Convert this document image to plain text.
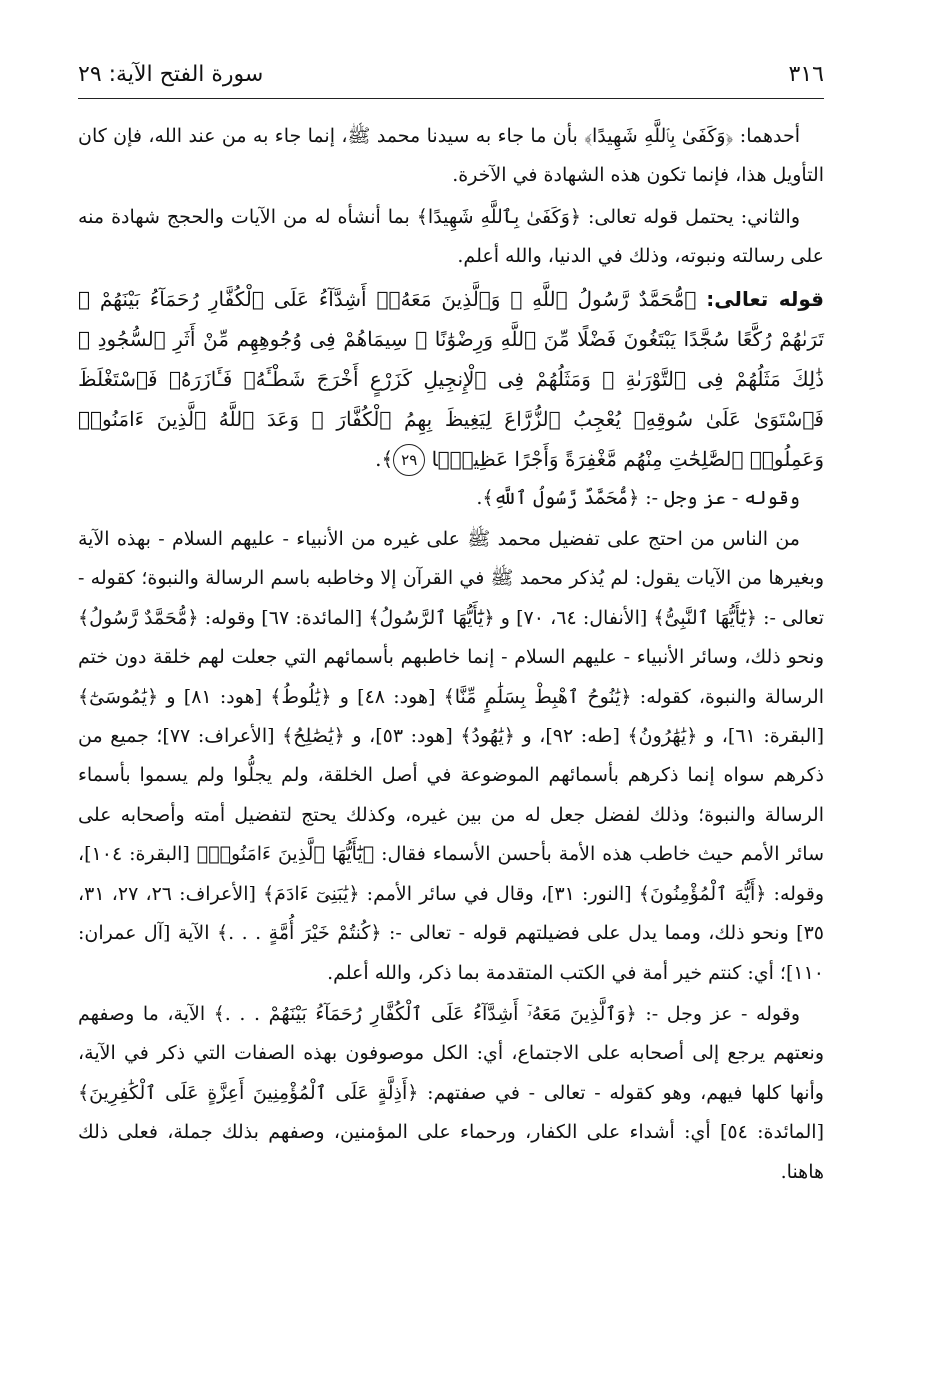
٣١٦
سورة الفتح الآية: ٢٩

أحدهما: ﴿وَكَفَىٰ بِٱللَّهِ شَهِيدًا﴾ بأن ما جاء به سيدنا محمد ﷺ، إنما جاء به من عند الله، فإن كان التأويل هذا، فإنما تكون هذه الشهادة في الآخرة.

والثاني: يحتمل قوله تعالى: ﴿وَكَفَىٰ بِٱللَّهِ شَهِيدًا﴾ بما أنشأه له من الآيات والحجج شهادة منه على رسالته ونبوته، وذلك في الدنيا، والله أعلم.

قوله تعالى: ﴿مُّحَمَّدٌ رَّسُولُ ٱللَّهِ ۚ وَٱلَّذِينَ مَعَهُۥٓ أَشِدَّآءُ عَلَى ٱلْكُفَّارِ رُحَمَآءُ بَيْنَهُمْ ۖ تَرَىٰهُمْ رُكَّعًا سُجَّدًا يَبْتَغُونَ فَضْلًا مِّنَ ٱللَّهِ وَرِضْوَٰنًا ۖ سِيمَاهُمْ فِى وُجُوهِهِم مِّنْ أَثَرِ ٱلسُّجُودِ ۚ ذَٰلِكَ مَثَلُهُمْ فِى ٱلتَّوْرَىٰةِ ۚ وَمَثَلُهُمْ فِى ٱلْإِنجِيلِ كَزَرْعٍ أَخْرَجَ شَطْـَٔهُۥ فَـَٔازَرَهُۥ فَٱسْتَغْلَظَ فَٱسْتَوَىٰ عَلَىٰ سُوقِهِۦ يُعْجِبُ ٱلزُّرَّاعَ لِيَغِيظَ بِهِمُ ٱلْكُفَّارَ ۗ وَعَدَ ٱللَّهُ ٱلَّذِينَ ءَامَنُوا۟ وَعَمِلُوا۟ ٱلصَّٰلِحَٰتِ مِنْهُم مَّغْفِرَةً وَأَجْرًا عَظِيمًۢا ٢٩﴾.

وقوله - عز وجل -: ﴿مُّحَمَّدٌ رَّسُولُ ٱللَّهِ﴾.

من الناس من احتج على تفضيل محمد ﷺ على غيره من الأنبياء - عليهم السلام - بهذه الآية وبغيرها من الآيات يقول: لم يُذكر محمد ﷺ في القرآن إلا وخاطبه باسم الرسالة والنبوة؛ كقوله - تعالى -: ﴿يَٰٓأَيُّهَا ٱلنَّبِىُّ﴾ [الأنفال: ٦٤، ٧٠] و ﴿يَٰٓأَيُّهَا ٱلرَّسُولُ﴾ [المائدة: ٦٧] وقوله: ﴿مُّحَمَّدٌ رَّسُولُ﴾ ونحو ذلك، وسائر الأنبياء - عليهم السلام - إنما خاطبهم بأسمائهم التي جعلت لهم خلقة دون ختم الرسالة والنبوة، كقوله: ﴿يَٰنُوحُ ٱهْبِطْ بِسَلَٰمٍ مِّنَّا﴾ [هود: ٤٨] و ﴿يَٰلُوطُ﴾ [هود: ٨١] و ﴿يَٰمُوسَىٰٓ﴾ [البقرة: ٦١]، و ﴿يَٰهَٰرُونُ﴾ [طه: ٩٢]، و ﴿يَٰهُودُ﴾ [هود: ٥٣]، و ﴿يَٰصَٰلِحُ﴾ [الأعراف: ٧٧]؛ جميع من ذكرهم سواه إنما ذكرهم بأسمائهم الموضوعة في أصل الخلقة، ولم يجلُّوا ولم يسموا بأسماء الرسالة والنبوة؛ وذلك لفضل جعل له من بين غيره، وكذلك يحتج لتفضيل أمته وأصحابه على سائر الأمم حيث خاطب هذه الأمة بأحسن الأسماء فقال: ﴿يَٰٓأَيُّهَا ٱلَّذِينَ ءَامَنُوا۟﴾ [البقرة: ١٠٤]، وقوله: ﴿أَيُّهَ ٱلْمُؤْمِنُونَ﴾ [النور: ٣١]، وقال في سائر الأمم: ﴿يَٰبَنِىٓ ءَادَمَ﴾ [الأعراف: ٢٦، ٢٧، ٣١، ٣٥] ونحو ذلك، ومما يدل على فضيلتهم قوله - تعالى -: ﴿كُنتُمْ خَيْرَ أُمَّةٍ . . .﴾ الآية [آل عمران: ١١٠]؛ أي: كنتم خير أمة في الكتب المتقدمة بما ذكر، والله أعلم.

وقوله - عز وجل -: ﴿وَٱلَّذِينَ مَعَهُۥٓ أَشِدَّآءُ عَلَى ٱلْكُفَّارِ رُحَمَآءُ بَيْنَهُمْ . . .﴾ الآية، ما وصفهم ونعتهم يرجع إلى أصحابه على الاجتماع، أي: الكل موصوفون بهذه الصفات التي ذكر في الآية، وأنها كلها فيهم، وهو كقوله - تعالى - في صفتهم: ﴿أَذِلَّةٍ عَلَى ٱلْمُؤْمِنِينَ أَعِزَّةٍ عَلَى ٱلْكَٰفِرِينَ﴾ [المائدة: ٥٤] أي: أشداء على الكفار، ورحماء على المؤمنين، وصفهم بذلك جملة، فعلى ذلك هاهنا.
